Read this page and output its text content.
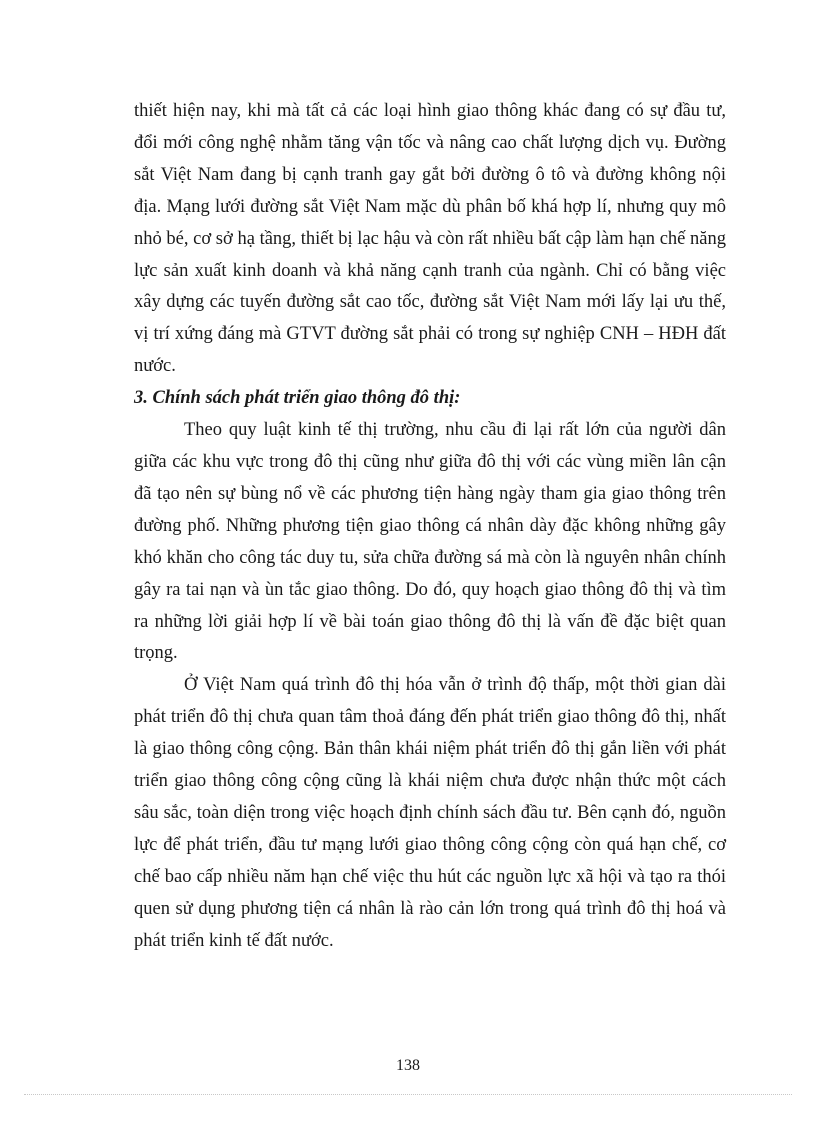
thiết hiện nay, khi mà tất cả các loại hình giao thông khác đang có sự đầu tư, đổi mới công nghệ nhằm tăng vận tốc và nâng cao chất lượng dịch vụ. Đường sắt Việt Nam đang bị cạnh tranh gay gắt bởi đường ô tô và đường không nội địa. Mạng lưới đường sắt Việt Nam mặc dù phân bố khá hợp lí, nhưng quy mô nhỏ bé, cơ sở hạ tầng, thiết bị lạc hậu và còn rất nhiều bất cập làm hạn chế năng lực sản xuất kinh doanh và khả năng cạnh tranh của ngành. Chỉ có bằng việc xây dựng các tuyến đường sắt cao tốc, đường sắt Việt Nam mới lấy lại ưu thế, vị trí xứng đáng mà GTVT đường sắt phải có trong sự nghiệp CNH – HĐH đất nước.

3. Chính sách phát triển giao thông đô thị:

Theo quy luật kinh tế thị trường, nhu cầu đi lại rất lớn của người dân giữa các khu vực trong đô thị cũng như giữa đô thị với các vùng miền lân cận đã tạo nên sự bùng nổ về các phương tiện hàng ngày tham gia giao thông trên đường phố. Những phương tiện giao thông cá nhân dày đặc không những gây khó khăn cho công tác duy tu, sửa chữa đường sá mà còn là nguyên nhân chính gây ra tai nạn và ùn tắc giao thông. Do đó, quy hoạch giao thông đô thị và tìm ra những lời giải hợp lí về bài toán giao thông đô thị là vấn đề đặc biệt quan trọng.

Ở Việt Nam quá trình đô thị hóa vẫn ở trình độ thấp, một thời gian dài phát triển đô thị chưa quan tâm thoả đáng đến phát triển giao thông đô thị, nhất là giao thông công cộng. Bản thân khái niệm phát triển đô thị gắn liền với phát triển giao thông công cộng cũng là khái niệm chưa được nhận thức một cách sâu sắc, toàn diện trong việc hoạch định chính sách đầu tư. Bên cạnh đó, nguồn lực để phát triển, đầu tư mạng lưới giao thông công cộng còn quá hạn chế, cơ chế bao cấp nhiều năm hạn chế việc thu hút các nguồn lực xã hội và tạo ra thói quen sử dụng phương tiện cá nhân là rào cản lớn trong quá trình đô thị hoá và phát triển kinh tế đất nước.

138
